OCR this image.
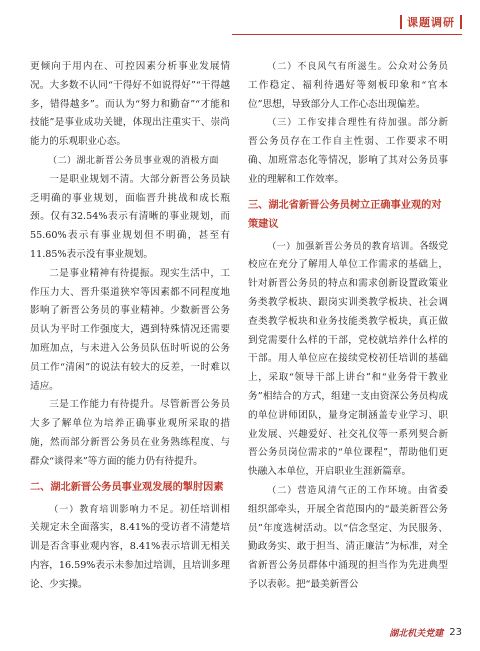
课题调研

更倾向于用内在、可控因素分析事业发展情况。大多数不认同“干得好不如说得好”“干得越多，错得越多”。而认为“努力和勤奋”“才能和技能”是事业成功关键，体现出注重实干、崇尚能力的乐观职业心态。

（二）湖北新晋公务员事业观的消极方面

一是职业规划不清。大部分新晋公务员缺乏明确的事业规划，面临晋升挑战和成长瓶颈。仅有32.54%表示有清晰的事业规划，而55.60%表示有事业规划但不明确，甚至有11.85%表示没有事业规划。

二是事业精神有待提振。现实生活中，工作压力大、晋升渠道狭窄等因素都不同程度地影响了新晋公务员的事业精神。少数新晋公务员认为平时工作强度大，遇到特殊情况还需要加班加点，与未进入公务员队伍时听说的公务员工作“清闲”的说法有较大的反差，一时难以适应。

三是工作能力有待提升。尽管新晋公务员大多了解单位为培养正确事业观所采取的措施，然而部分新晋公务员在业务熟练程度、与群众“谈得来”等方面的能力仍有待提升。

二、湖北新晋公务员事业观发展的掣肘因素

（一）教育培训影响力不足。初任培训相关规定未全面落实，8.41%的受访者不清楚培训是否含事业观内容，8.41%表示培训无相关内容，16.59%表示未参加过培训，且培训多理论、少实操。

（二）不良风气有所滋生。公众对公务员工作稳定、福利待遇好等刻板印象和“官本位”思想，导致部分人工作心态出现偏差。

（三）工作安排合理性有待加强。部分新晋公务员存在工作自主性弱、工作要求不明确、加班常态化等情况，影响了其对公务员事业的理解和工作效率。

三、湖北省新晋公务员树立正确事业观的对策建议

（一）加强新晋公务员的教育培训。各级党校应在充分了解用人单位工作需求的基础上，针对新晋公务员的特点和需求创新设置政策业务类教学板块、跟岗实训类教学板块、社会调查类教学板块和业务技能类教学板块，真正做到党需要什么样的干部，党校就培养什么样的干部。用人单位应在接续党校初任培训的基础上，采取“领导干部上讲台”和“业务骨干教业务”相结合的方式，组建一支由资深公务员构成的单位讲师团队，量身定制涵盖专业学习、职业发展、兴趣爱好、社交礼仪等一系列契合新晋公务员岗位需求的“单位课程”，帮助他们更快融入本单位，开启职业生涯新篇章。

（二）营造风清气正的工作环境。由省委组织部牵头，开展全省范围内的“最美新晋公务员”年度选树活动。以“信念坚定、为民服务、勤政务实、敢于担当、清正廉洁”为标准，对全省新晋公务员群体中涌现的担当作为先进典型予以表彰。把“最美新晋公

湖北机关党建 23
